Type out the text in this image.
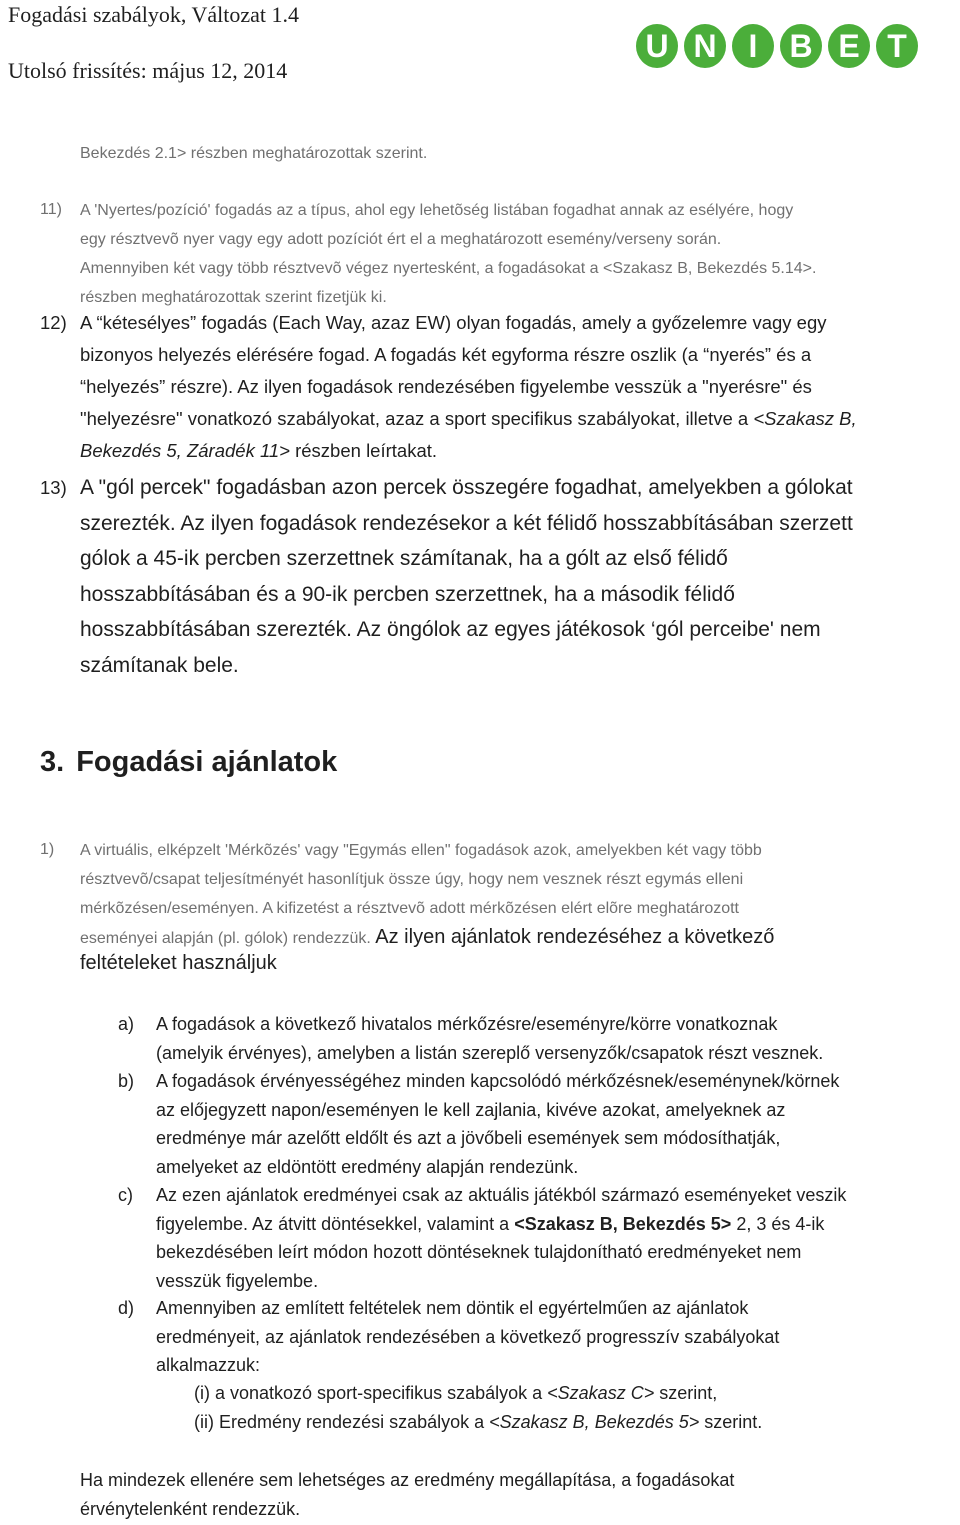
Fogadási szabályok, Változat 1.4
Utolsó frissítés: május 12, 2014
U N	I	B E T
Bekezdés 2.1> részben meghatározottak szerint.
11) A 'Nyertes/pozíció' fogadás az a típus, ahol egy lehetõség listában fogadhat annak az esélyére, hogy

egy résztvevõ nyer vagy egy adott pozíciót ért el a meghatározott esemény/verseny során.

Amennyiben két vagy több résztvevõ végez nyertesként, a fogadásokat a <Szakasz B, Bekezdés 5.14>.

részben meghatározottak szerint fizetjük ki.

12) A “kétesélyes” fogadás (Each Way, azaz EW) olyan fogadás, amely a győzelemre vagy egy

bizonyos helyezés elérésére fogad. A fogadás két egyforma részre oszlik (a “nyerés” és a

“helyezés” részre). Az ilyen fogadások rendezésében figyelembe vesszük a "nyerésre" és

"helyezésre" vonatkozó szabályokat, azaz a sport specifikus szabályokat, illetve a <Szakasz B,

Bekezdés 5, Záradék 11> részben leírtakat.

13) A "gól percek" fogadásban azon percek összegére fogadhat, amelyekben a gólokat

szerezték. Az ilyen fogadások rendezésekor a két félidő hosszabbításában szerzett

gólok a 45-ik percben szerzettnek számítanak, ha a gólt az első félidő

hosszabbításában és a 90-ik percben szerzettnek, ha a második félidő

hosszabbításában szerezték. Az öngólok az egyes játékosok ‘gól perceibe' nem

számítanak bele.

3. Fogadási ajánlatok
1) A virtuális, elképzelt 'Mérkõzés' vagy "Egymás ellen" fogadások azok, amelyekben két vagy több

résztvevõ/csapat teljesítményét hasonlítjuk össze úgy, hogy nem vesznek részt egymás elleni

mérkõzésen/eseményen. A kifizetést a résztvevõ adott mérkõzésen elért elõre meghatározott

eseményei alapján (pl. gólok) rendezzük. Az ilyen ajánlatok rendezéséhez a következő

feltételeket használjuk
a)	A fogadások a következő hivatalos mérkőzésre/eseményre/körre vonatkoznak
(amelyik érvényes), amelyben a listán szereplő versenyzők/csapatok részt vesznek.
b)	A fogadások érvényességéhez minden kapcsolódó mérkőzésnek/eseménynek/körnek
az előjegyzett napon/eseményen le kell zajlania, kivéve azokat, amelyeknek az
eredménye már azelőtt eldőlt és azt a jövőbeli események sem módosíthatják,
amelyeket az eldöntött eredmény alapján rendezünk.
c)	Az ezen ajánlatok eredményei csak az aktuális játékból származó eseményeket veszik
figyelembe. Az átvitt döntésekkel, valamint a <Szakasz B, Bekezdés 5> 2, 3 és 4-ik
bekezdésében leírt módon hozott döntéseknek tulajdonítható eredményeket nem
vesszük figyelembe.
d)	Amennyiben az említett feltételek nem döntik el egyértelműen az ajánlatok
eredményeit, az ajánlatok rendezésében a következő progresszív szabályokat
alkalmazzuk:
(i) a vonatkozó sport-specifikus szabályok a <Szakasz C> szerint,
(ii) Eredmény rendezési szabályok a <Szakasz B, Bekezdés 5> szerint.

Ha mindezek ellenére sem lehetséges az eredmény megállapítása, a fogadásokat

érvénytelenként rendezzük.
